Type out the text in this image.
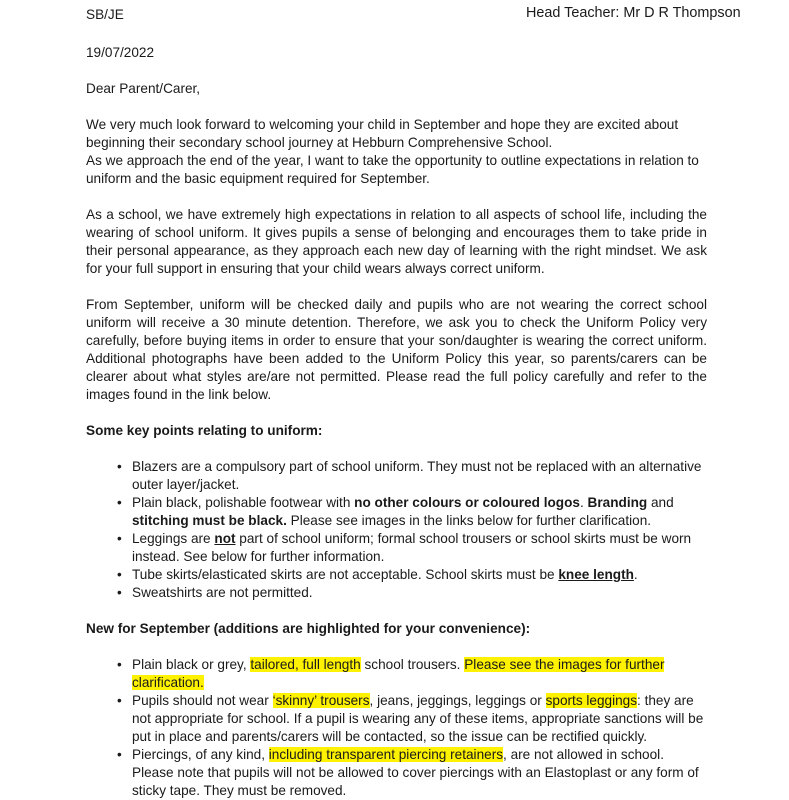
SB/JE	Head Teacher: Mr D R Thompson
19/07/2022

Dear Parent/Carer,

We very much look forward to welcoming your child in September and hope they are excited about beginning their secondary school journey at Hebburn Comprehensive School.

As we approach the end of the year, I want to take the opportunity to outline expectations in relation to uniform and the basic equipment required for September.

As a school, we have extremely high expectations in relation to all aspects of school life, including the wearing of school uniform. It gives pupils a sense of belonging and encourages them to take pride in their personal appearance, as they approach each new day of learning with the right mindset. We ask for your full support in ensuring that your child wears always correct uniform.

From September, uniform will be checked daily and pupils who are not wearing the correct school uniform will receive a 30 minute detention. Therefore, we ask you to check the Uniform Policy very carefully, before buying items in order to ensure that your son/daughter is wearing the correct uniform. Additional photographs have been added to the Uniform Policy this year, so parents/carers can be clearer about what styles are/are not permitted. Please read the full policy carefully and refer to the images found in the link below.

Some key points relating to uniform:

• Blazers are a compulsory part of school uniform. They must not be replaced with an alternative outer layer/jacket.
• Plain black, polishable footwear with no other colours or coloured logos. Branding and stitching must be black. Please see images in the links below for further clarification.
• Leggings are not part of school uniform; formal school trousers or school skirts must be worn instead. See below for further information.
• Tube skirts/elasticated skirts are not acceptable. School skirts must be knee length.
• Sweatshirts are not permitted.

New for September (additions are highlighted for your convenience):

• Plain black or grey, tailored, full length school trousers. Please see the images for further clarification.
• Pupils should not wear ‘skinny’ trousers, jeans, jeggings, leggings or sports leggings: they are not appropriate for school. If a pupil is wearing any of these items, appropriate sanctions will be put in place and parents/carers will be contacted, so the issue can be rectified quickly.
• Piercings, of any kind, including transparent piercing retainers, are not allowed in school. Please note that pupils will not be allowed to cover piercings with an Elastoplast or any form of sticky tape. They must be removed.
